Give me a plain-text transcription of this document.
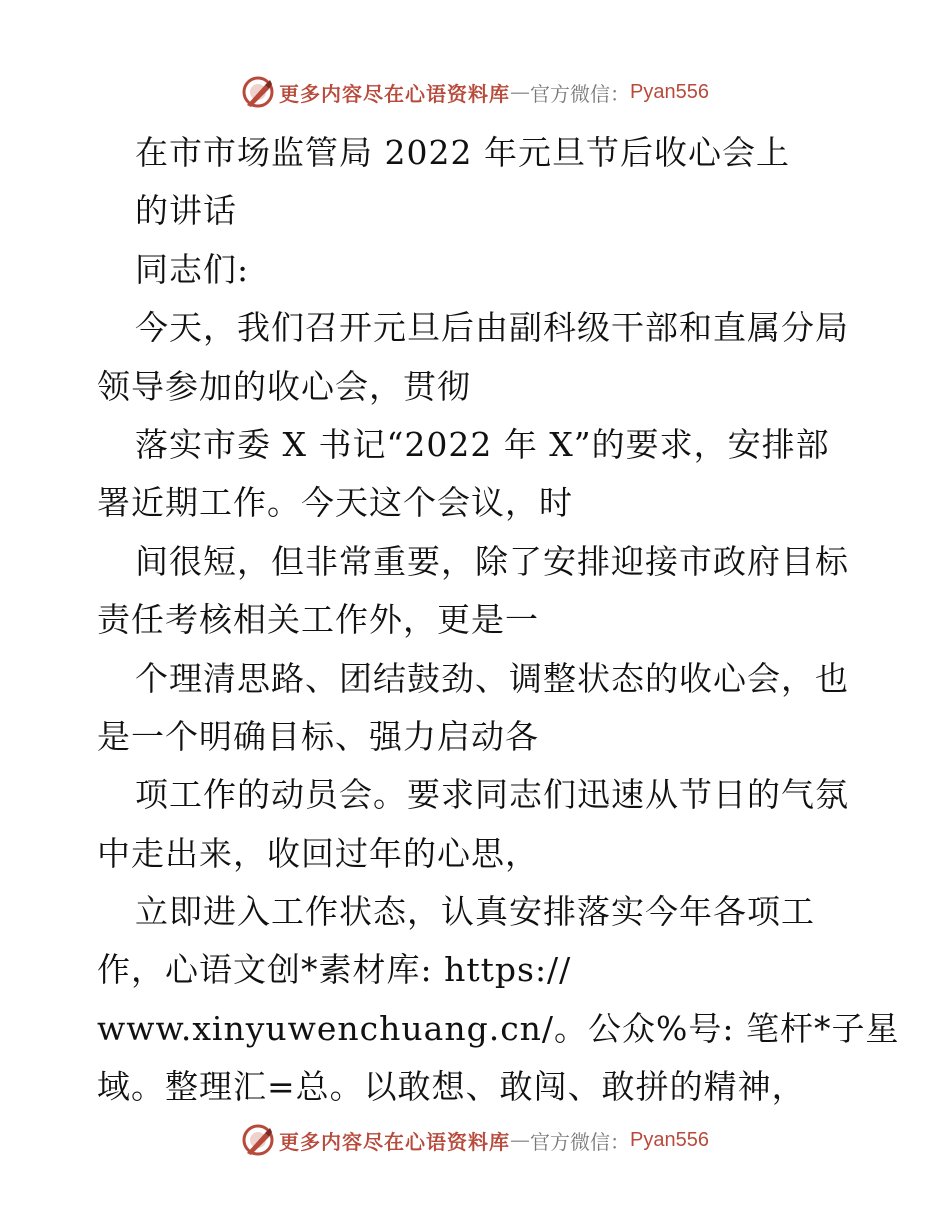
更多内容尽在心语资料库 — 官方微信： Pyan556
在市市场监管局 2022 年元旦节后收心会上
的讲话
同志们:
今天，我们召开元旦后由副科级干部和直属分局
领导参加的收心会，贯彻
落实市委 X 书记“2022 年 X”的要求，安排部
署近期工作。今天这个会议，时
间很短，但非常重要，除了安排迎接市政府目标
责任考核相关工作外，更是一
个理清思路、团结鼓劲、调整状态的收心会，也
是一个明确目标、强力启动各
项工作的动员会。要求同志们迅速从节日的气氛
中走出来，收回过年的心思，
立即进入工作状态，认真安排落实今年各项工
作，心语文创*素材库: https://
www.xinyuwenchuang.cn/。公众%号: 笔杆*子星
域。整理汇=总。以敢想、敢闯、敢拼的精神，
更多内容尽在心语资料库 — 官方微信： Pyan556
